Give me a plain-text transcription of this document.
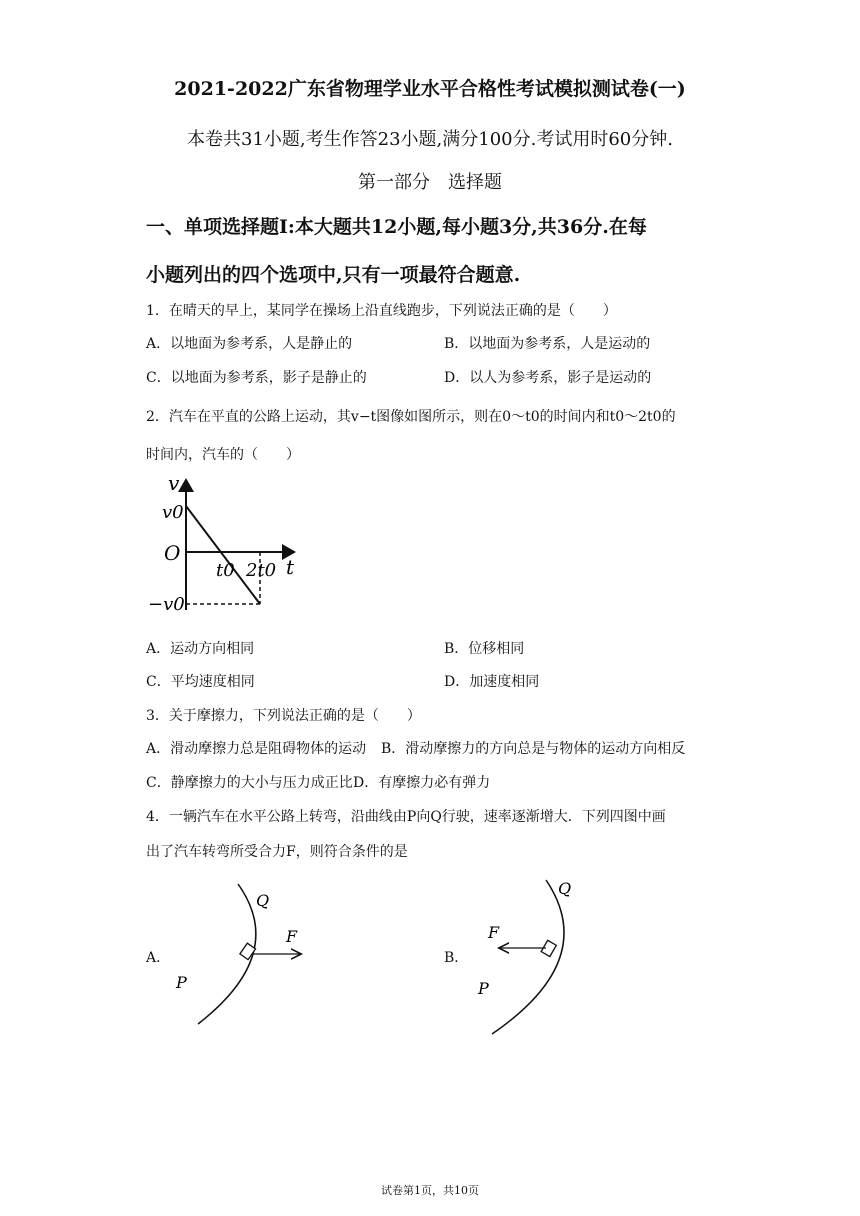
2021-2022广东省物理学业水平合格性考试模拟测试卷(一)
本卷共31小题,考生作答23小题,满分100分.考试用时60分钟.
第一部分　选择题
一、单项选择题Ⅰ:本大题共12小题,每小题3分,共36分.在每
小题列出的四个选项中,只有一项最符合题意.
1．在晴天的早上，某同学在操场上沿直线跑步，下列说法正确的是（　　）
A．以地面为参考系，人是静止的	B．以地面为参考系，人是运动的
C．以地面为参考系，影子是静止的	D．以人为参考系，影子是运动的
2．汽车在平直的公路上运动，其v−t图像如图所示，则在0～t0的时间内和t0～2t0的
时间内，汽车的（　　）
v
t
O
v0
−v0
t0 2t0
A．运动方向相同	B．位移相同
C．平均速度相同	D．加速度相同
3．关于摩擦力，下列说法正确的是（　　）
A．滑动摩擦力总是阻碍物体的运动 B．滑动摩擦力的方向总是与物体的运动方向相反
C．静摩擦力的大小与压力成正比 D．有摩擦力必有弹力
4．一辆汽车在水平公路上转弯，沿曲线由P向Q行驶，速率逐渐增大．下列四图中画
出了汽车转弯所受合力F，则符合条件的是
A．
Q
F
P
B．
Q
F
P
试卷第1页，共10页
